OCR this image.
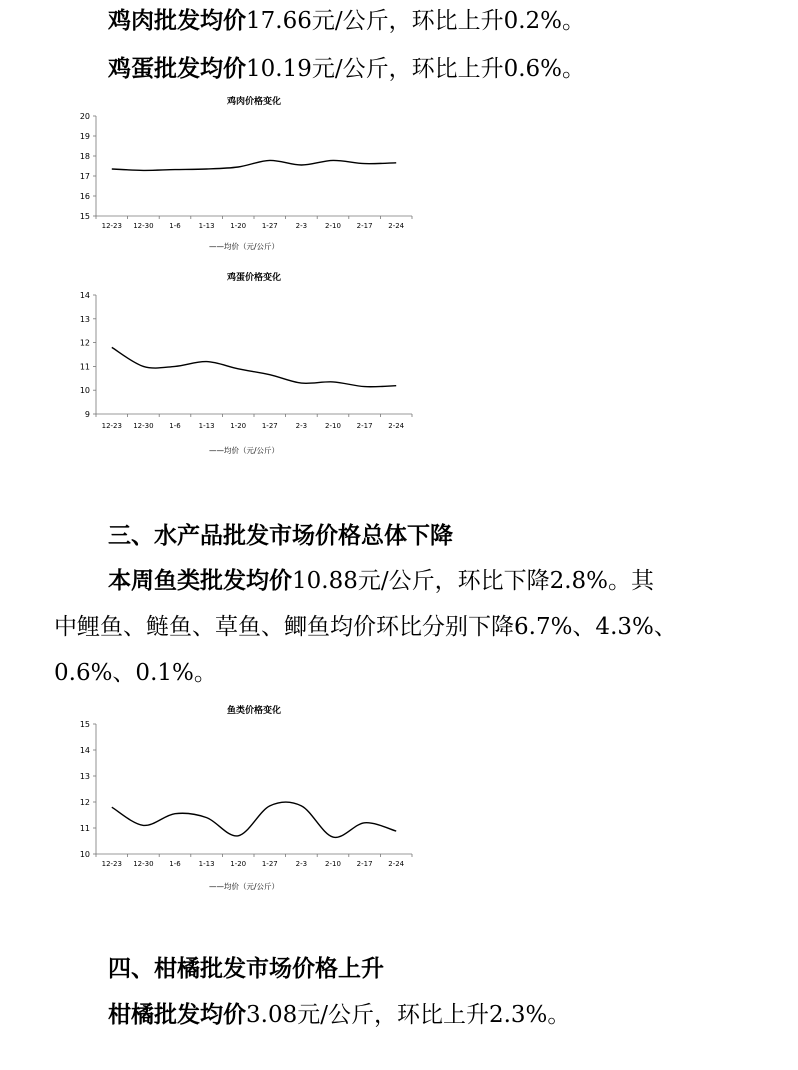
鸡肉批发均价17.66元/公斤，环比上升0.2%。
鸡蛋批发均价10.19元/公斤，环比上升0.6%。
鸡肉价格变化
20
19
18
17
16
15
12-23 12-30 1-6	1-13 1-20 1-27	2-3	2-10 2-17 2-24
——均价（元/公斤）
鸡蛋价格变化
14
13
12
11
10
9
12-23 12-30 1-6	1-13 1-20 1-27	2-3	2-10 2-17 2-24
——均价（元/公斤）
三、水产品批发市场价格总体下降
本周鱼类批发均价10.88元/公斤，环比下降2.8%。其
中鲤鱼、鲢鱼、草鱼、鲫鱼均价环比分别下降6.7%、4.3%、
0.6%、0.1%。
鱼类价格变化
15
14
13
12
11
10
12-23 12-30 1-6	1-13 1-20 1-27	2-3	2-10 2-17 2-24
——均价（元/公斤）
四、柑橘批发市场价格上升
柑橘批发均价3.08元/公斤，环比上升2.3%。
